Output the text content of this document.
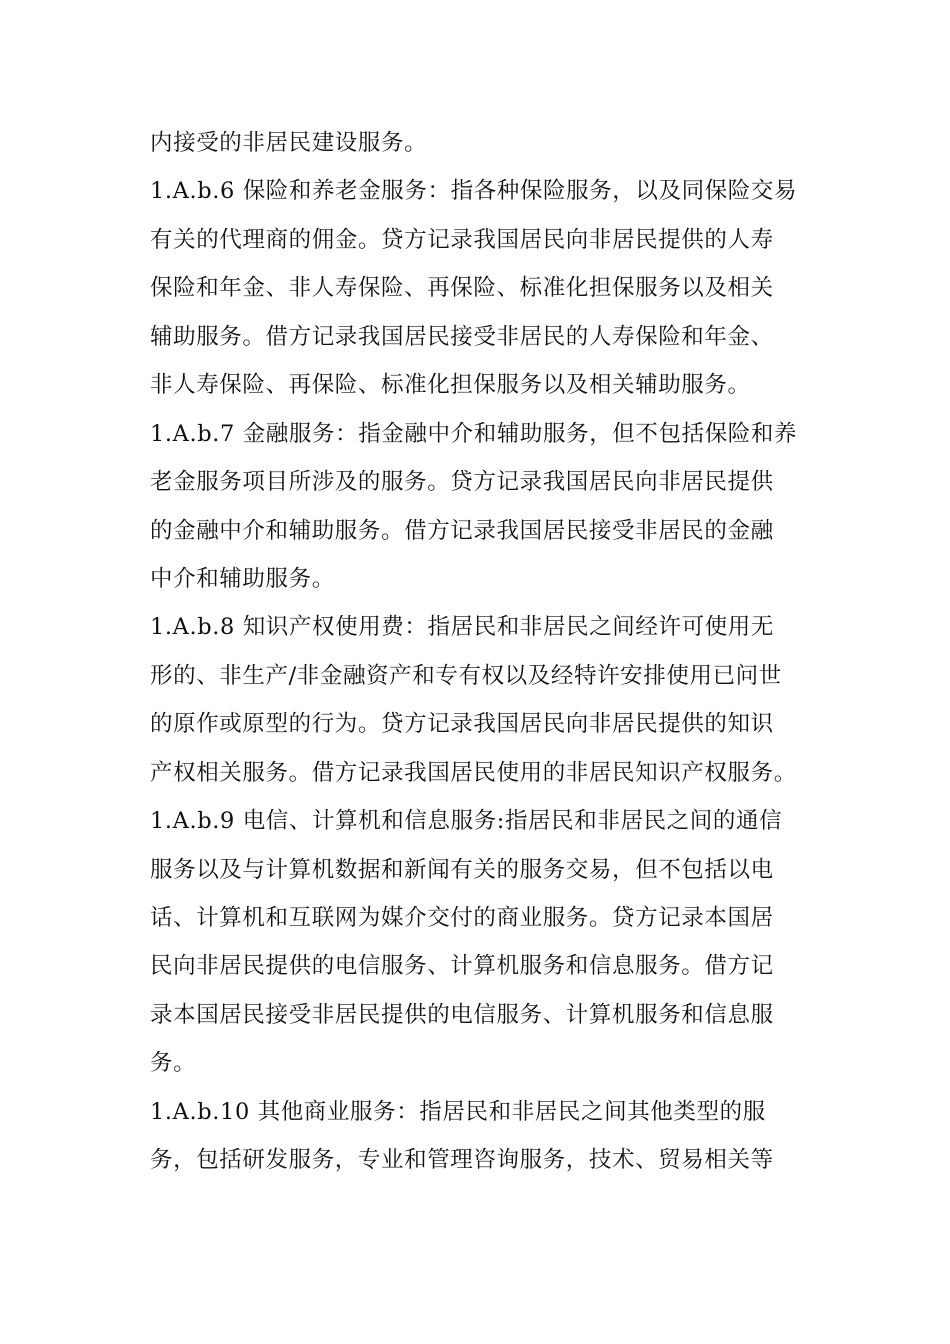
内接受的非居民建设服务。
1.A.b.6 保险和养老金服务：指各种保险服务，以及同保险交易
有关的代理商的佣金。贷方记录我国居民向非居民提供的人寿
保险和年金、非人寿保险、再保险、标准化担保服务以及相关
辅助服务。借方记录我国居民接受非居民的人寿保险和年金、
非人寿保险、再保险、标准化担保服务以及相关辅助服务。
1.A.b.7 金融服务：指金融中介和辅助服务，但不包括保险和养
老金服务项目所涉及的服务。贷方记录我国居民向非居民提供
的金融中介和辅助服务。借方记录我国居民接受非居民的金融
中介和辅助服务。
1.A.b.8 知识产权使用费：指居民和非居民之间经许可使用无
形的、非生产/非金融资产和专有权以及经特许安排使用已问世
的原作或原型的行为。贷方记录我国居民向非居民提供的知识
产权相关服务。借方记录我国居民使用的非居民知识产权服务。
1.A.b.9 电信、计算机和信息服务:指居民和非居民之间的通信
服务以及与计算机数据和新闻有关的服务交易，但不包括以电
话、计算机和互联网为媒介交付的商业服务。贷方记录本国居
民向非居民提供的电信服务、计算机服务和信息服务。借方记
录本国居民接受非居民提供的电信服务、计算机服务和信息服
务。
1.A.b.10 其他商业服务：指居民和非居民之间其他类型的服
务，包括研发服务，专业和管理咨询服务，技术、贸易相关等
